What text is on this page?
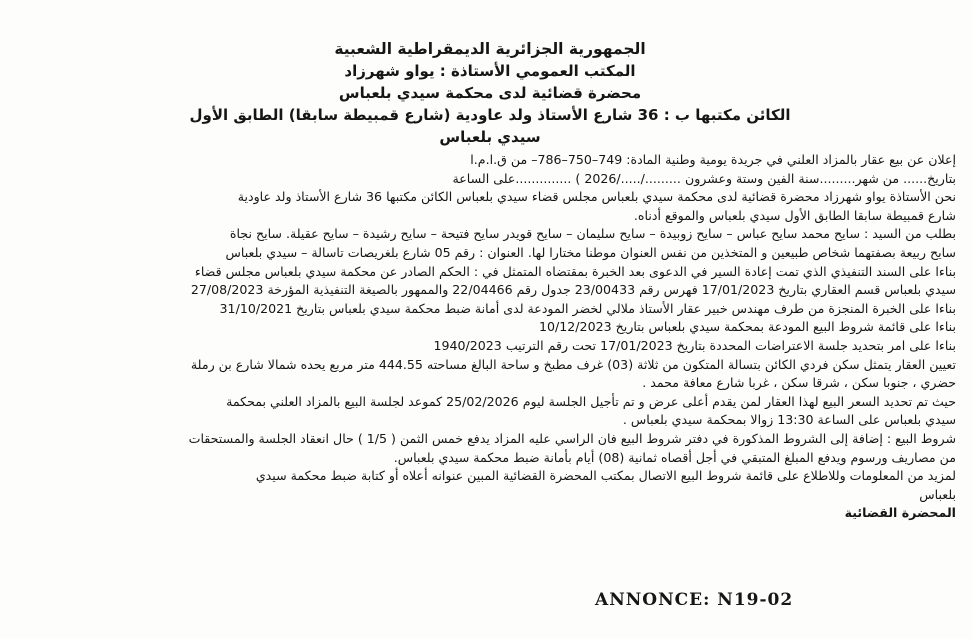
الجمهورية الجزائرية الديمقراطية الشعبية
المكتب العمومي الأستاذة : يواو شهرزاد
محضرة قضائية لدى محكمة سيدي بلعباس
الكائن مكتبها ب : 36 شارع الأستاذ ولد عاودية (شارع قمبيطة سابقا) الطابق الأول
سيدي بلعباس
إعلان عن بيع عقار بالمزاد العلني في جريدة يومية وطنية المادة: 749–750–786– من ق.ا.م.ا
بتاريخ...... من شهر.........سنة الفين وستة وعشرون ........./...../2026 ) ..............على الساعة
نحن الأستاذة يواو شهرزاد محضرة قضائية لدى محكمة سيدي بلعباس مجلس قضاء سيدي بلعباس الكائن مكتبها 36 شارع الأستاذ ولد عاودية
شارع قمبيطة سابقا الطابق الأول سيدي بلعباس والموقع أدناه.
بطلب من السيد : سايح محمد سايح عباس – سايح زوبيدة – سايح سليمان – سايح قويدر سايح فتيحة – سايح رشيدة – سايح عقيلة. سايح نجاة
سايح ربيعة بصفتهما شخاص طبيعين و المتخذين من نفس العنوان موطنا مختارا لها. العنوان : رقم 05 شارع بلغريصات تاسالة – سيدي بلعباس
بناءا على السند التنفيذي الذي تمت إعادة السير في الدعوى بعد الخبرة بمقتضاه المتمثل في : الحكم الصادر عن محكمة سيدي بلعباس مجلس قضاء
سيدي بلعباس قسم العقاري بتاريخ 17/01/2023 فهرس رقم 23/00433 جدول رقم 22/04466 والممهور بالصيغة التنفيذية المؤرخة 27/08/2023
بناءا على الخبرة المنجزة من طرف مهندس خبير عقار الأستاذ ملالي لخضر المودعة لدى أمانة ضبط محكمة سيدي بلعباس بتاريخ 31/10/2021
بناءا على قائمة شروط البيع المودعة بمحكمة سيدي بلعباس بتاريخ 10/12/2023
بناءا على امر بتحديد جلسة الاعتراضات المحددة بتاريخ 17/01/2023 تحت رقم الترتيب 1940/2023
تعيين العقار يتمثل سكن فردي الكائن بتسالة المتكون من ثلاثة (03) غرف مطبخ و ساحة البالغ مساحته 444.55 متر مربع يحده شمالا شارع بن رملة
حضري ، جنوبا سكن ، شرقا سكن ، غربا شارع معافة محمد .
حيث تم تحديد السعر البيع لهذا العقار لمن يقدم أعلى عرض و تم تأجيل الجلسة ليوم 25/02/2026 كموعد لجلسة البيع بالمزاد العلني بمحكمة
سيدي بلعباس على الساعة 13:30 زوالا بمحكمة سيدي بلعباس .
شروط البيع : إضافة إلى الشروط المذكورة في دفتر شروط البيع فان الراسي عليه المزاد يدفع خمس الثمن ( 1/5 ) حال انعقاد الجلسة والمستحقات
من مصاريف ورسوم ويدفع المبلغ المتبقي في أجل أقصاه ثمانية (08) أيام بأمانة ضبط محكمة سيدي بلعباس.
لمزيد من المعلومات وللاطلاع على قائمة شروط البيع الاتصال بمكتب المحضرة القضائية المبين عنوانه أعلاه أو كتابة ضبط محكمة سيدي
بلعباس
المحضرة القضائية
ANNONCE: N19-02
